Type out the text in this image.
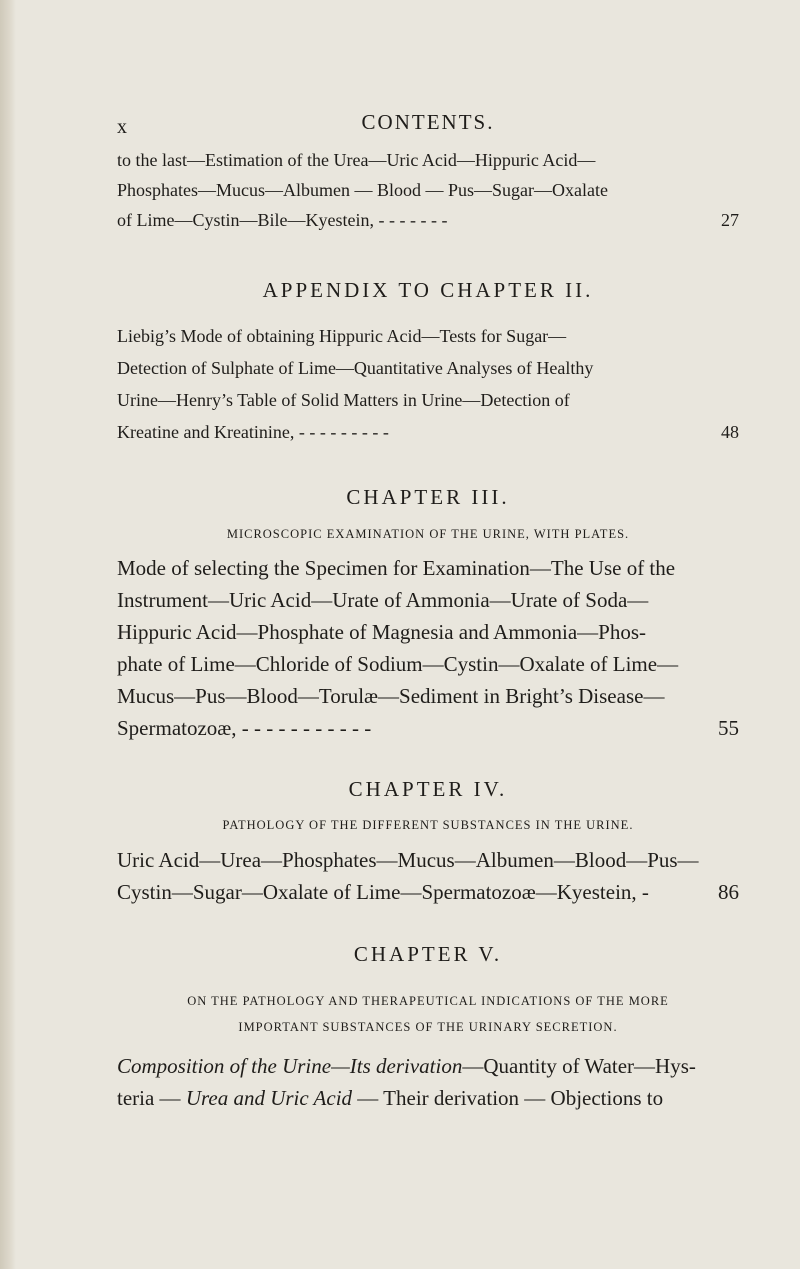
x	CONTENTS.
to the last—Estimation of the Urea—Uric Acid—Hippuric Acid—
Phosphates—Mucus—Albumen — Blood — Pus—Sugar—Oxalate
of Lime—Cystin—Bile—Kyestein, - - - - - - -	27
APPENDIX TO CHAPTER II.
Liebig’s Mode of obtaining Hippuric Acid—Tests for Sugar—
Detection of Sulphate of Lime—Quantitative Analyses of Healthy
Urine—Henry’s Table of Solid Matters in Urine—Detection of
Kreatine and Kreatinine, - - - - - - - - -	48
CHAPTER III.
MICROSCOPIC EXAMINATION OF THE URINE, WITH PLATES.
Mode of selecting the Specimen for Examination—The Use of the
Instrument—Uric Acid—Urate of Ammonia—Urate of Soda—
Hippuric Acid—Phosphate of Magnesia and Ammonia—Phos-
phate of Lime—Chloride of Sodium—Cystin—Oxalate of Lime—
Mucus—Pus—Blood—Torulæ—Sediment in Bright’s Disease—
Spermatozoæ, - - - - - - - - - - -	55
CHAPTER IV.
PATHOLOGY OF THE DIFFERENT SUBSTANCES IN THE URINE.
Uric Acid—Urea—Phosphates—Mucus—Albumen—Blood—Pus—
Cystin—Sugar—Oxalate of Lime—Spermatozoæ—Kyestein, -	86
CHAPTER V.
ON THE PATHOLOGY AND THERAPEUTICAL INDICATIONS OF THE MORE
IMPORTANT SUBSTANCES OF THE URINARY SECRETION.
Composition of the Urine—Its derivation—Quantity of Water—Hys-
teria — Urea and Uric Acid — Their derivation — Objections to
